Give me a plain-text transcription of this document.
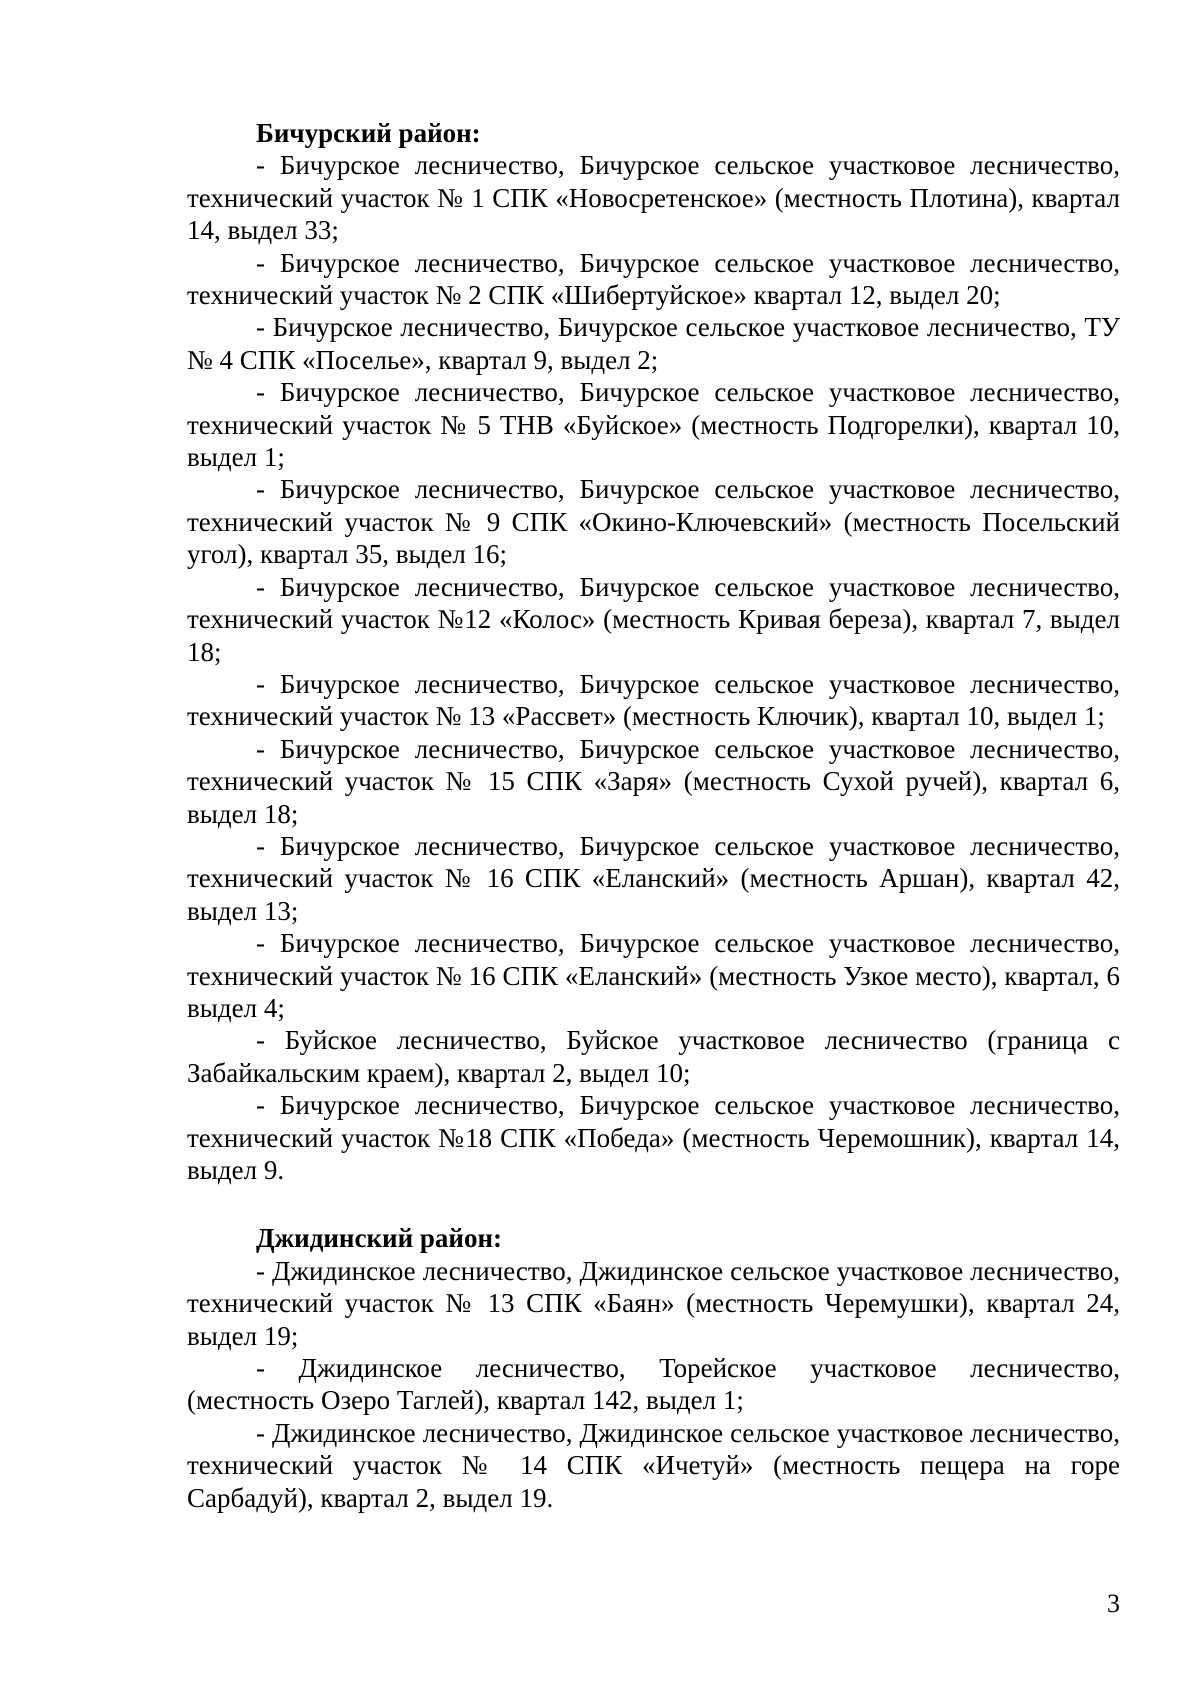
Бичурский район:

- Бичурское лесничество, Бичурское сельское участковое лесничество, технический участок № 1 СПК «Новосретенское» (местность Плотина), квартал 14, выдел 33;

- Бичурское лесничество, Бичурское сельское участковое лесничество, технический участок № 2 СПК «Шибертуйское» квартал 12, выдел 20;

- Бичурское лесничество, Бичурское сельское участковое лесничество, ТУ № 4 СПК «Поселье», квартал 9, выдел 2;

- Бичурское лесничество, Бичурское сельское участковое лесничество, технический участок № 5 ТНВ «Буйское» (местность Подгорелки), квартал 10, выдел 1;

- Бичурское лесничество, Бичурское сельское участковое лесничество, технический участок № 9 СПК «Окино-Ключевский» (местность Посельский угол), квартал 35, выдел 16;

- Бичурское лесничество, Бичурское сельское участковое лесничество, технический участок №12 «Колос» (местность Кривая береза), квартал 7, выдел 18;

- Бичурское лесничество, Бичурское сельское участковое лесничество, технический участок № 13 «Рассвет» (местность Ключик), квартал 10, выдел 1;

- Бичурское лесничество, Бичурское сельское участковое лесничество, технический участок № 15 СПК «Заря» (местность Сухой ручей), квартал 6, выдел 18;

- Бичурское лесничество, Бичурское сельское участковое лесничество, технический участок № 16 СПК «Еланский» (местность Аршан), квартал 42, выдел 13;

- Бичурское лесничество, Бичурское сельское участковое лесничество, технический участок № 16 СПК «Еланский» (местность Узкое место), квартал, 6 выдел 4;

- Буйское лесничество, Буйское участковое лесничество (граница с Забайкальским краем), квартал 2, выдел 10;

- Бичурское лесничество, Бичурское сельское участковое лесничество, технический участок №18 СПК «Победа» (местность Черемошник), квартал 14, выдел 9.

Джидинский район:

- Джидинское лесничество, Джидинское сельское участковое лесничество, технический участок № 13 СПК «Баян» (местность Черемушки), квартал 24, выдел 19;

- Джидинское лесничество, Торейское участковое лесничество, (местность Озеро Таглей), квартал 142, выдел 1;

- Джидинское лесничество, Джидинское сельское участковое лесничество, технический участок № 14 СПК «Ичетуй» (местность пещера на горе Сарбадуй), квартал 2, выдел 19.

3
